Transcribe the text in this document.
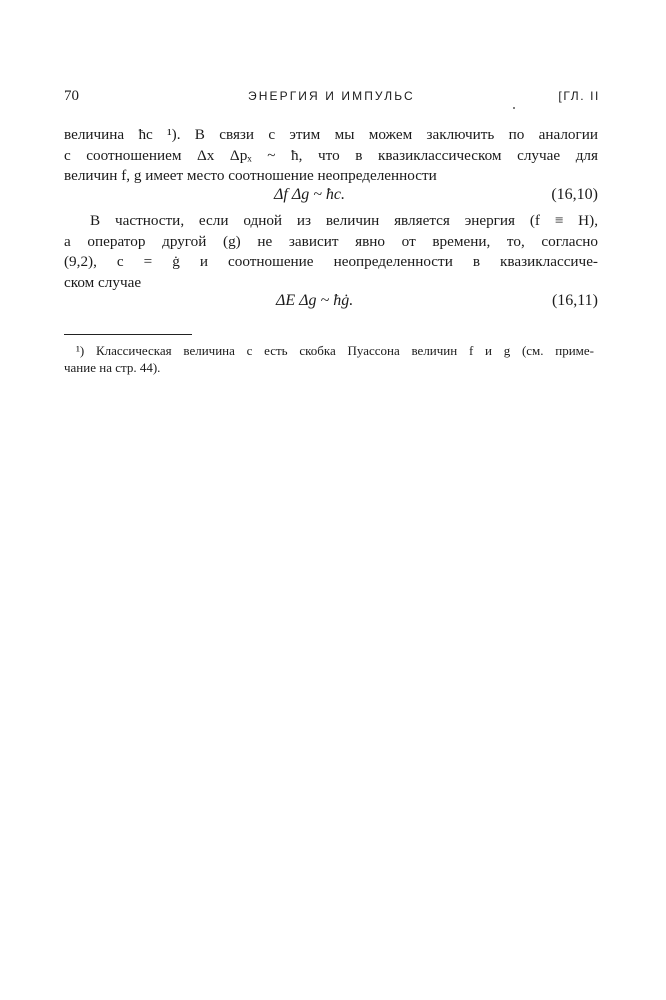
70	ЭНЕРГИЯ И ИМПУЛЬС	[ГЛ. II
величина ħc ¹). В связи с этим мы можем заключить по аналогии
с соотношением Δx Δpₓ ~ ħ, что в квазиклассическом случае для
величин f, g имеет место соотношение неопределенности
Δf Δg ~ ħc.	(16,10)
В частности, если одной из величин является энергия (f ≡ H),
а оператор другой (g) не зависит явно от времени, то, согласно
(9,2), c = ġ и соотношение неопределенности в квазиклассиче-
ском случае
ΔE Δg ~ ħġ.	(16,11)
¹) Классическая величина c есть скобка Пуассона величин f и g (см. приме-
чание на стр. 44).
